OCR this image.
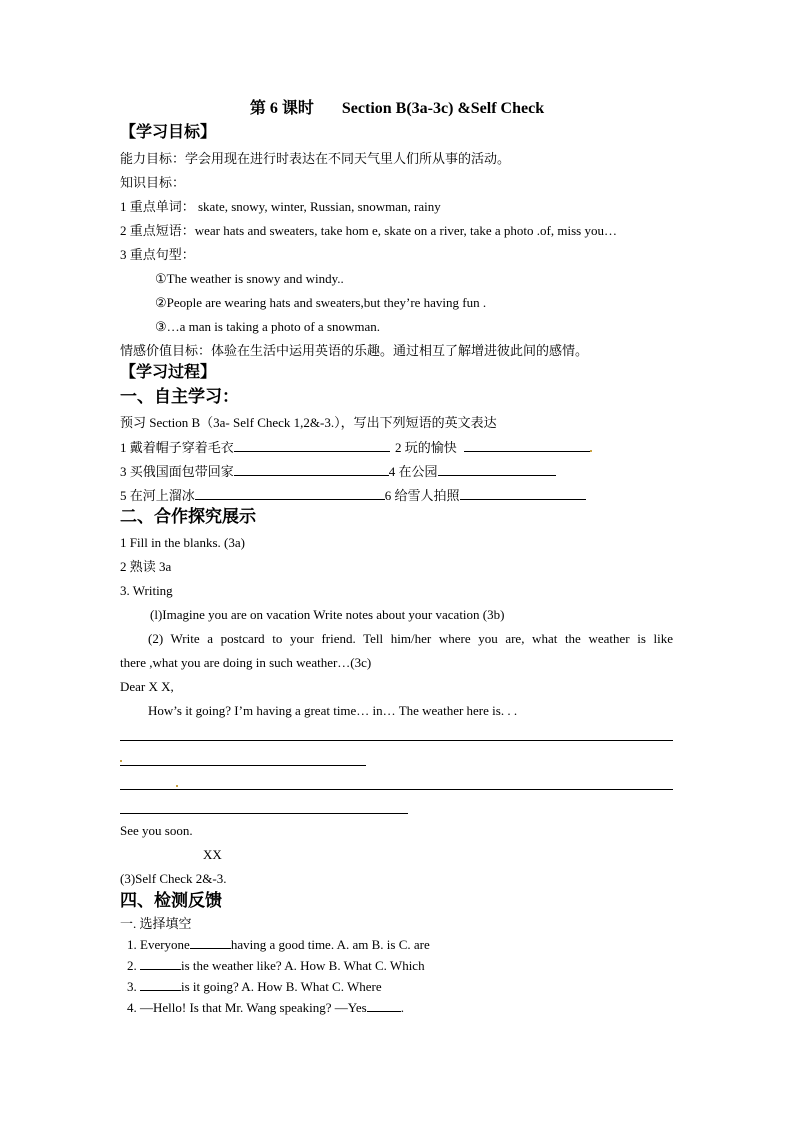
第 6 课时 Section B(3a-3c) &Self Check
【学习目标】
能力目标：学会用现在进行时表达在不同天气里人们所从事的活动。
知识目标：
1 重点单词： skate, snowy, winter, Russian, snowman, rainy
2 重点短语：wear hats and sweaters, take hom e, skate on a river, take a photo .of, miss you…
3 重点句型：
①The weather is snowy and windy..
②People are wearing hats and sweaters,but they’re having fun .
③…a man is taking a photo of a snowman.
情感价值目标：体验在生活中运用英语的乐趣。通过相互了解增进彼此间的感情。
【学习过程】
一、自主学习：
预习 Section B（3a- Self Check 1,2&-3.），写出下列短语的英文表达
1 戴着帽子穿着毛衣	2 玩的愉快
3 买俄国面包带回家	4 在公园
5 在河上溜冰	6 给雪人拍照
二、合作探究展示
1 Fill in the blanks. (3a)
2 熟读 3a
3. Writing
(l)Imagine you are on vacation Write notes about your vacation (3b)
(2) Write a postcard to your friend. Tell him/her where you are, what the weather is like
there ,what you are doing in such weather…(3c)
Dear X X,
How’s it going? I’m having a great time… in… The weather here is. . .
See you soon.
XX
(3)Self Check 2&-3.
四、检测反馈
一. 选择填空
1. Everyone	having a good time. A. am B. is C. are
2.	is the weather like? A. How B. What C. Which
3.	is it going? A. How B. What C. Where
4. —Hello! Is that Mr. Wang speaking? —Yes	.
